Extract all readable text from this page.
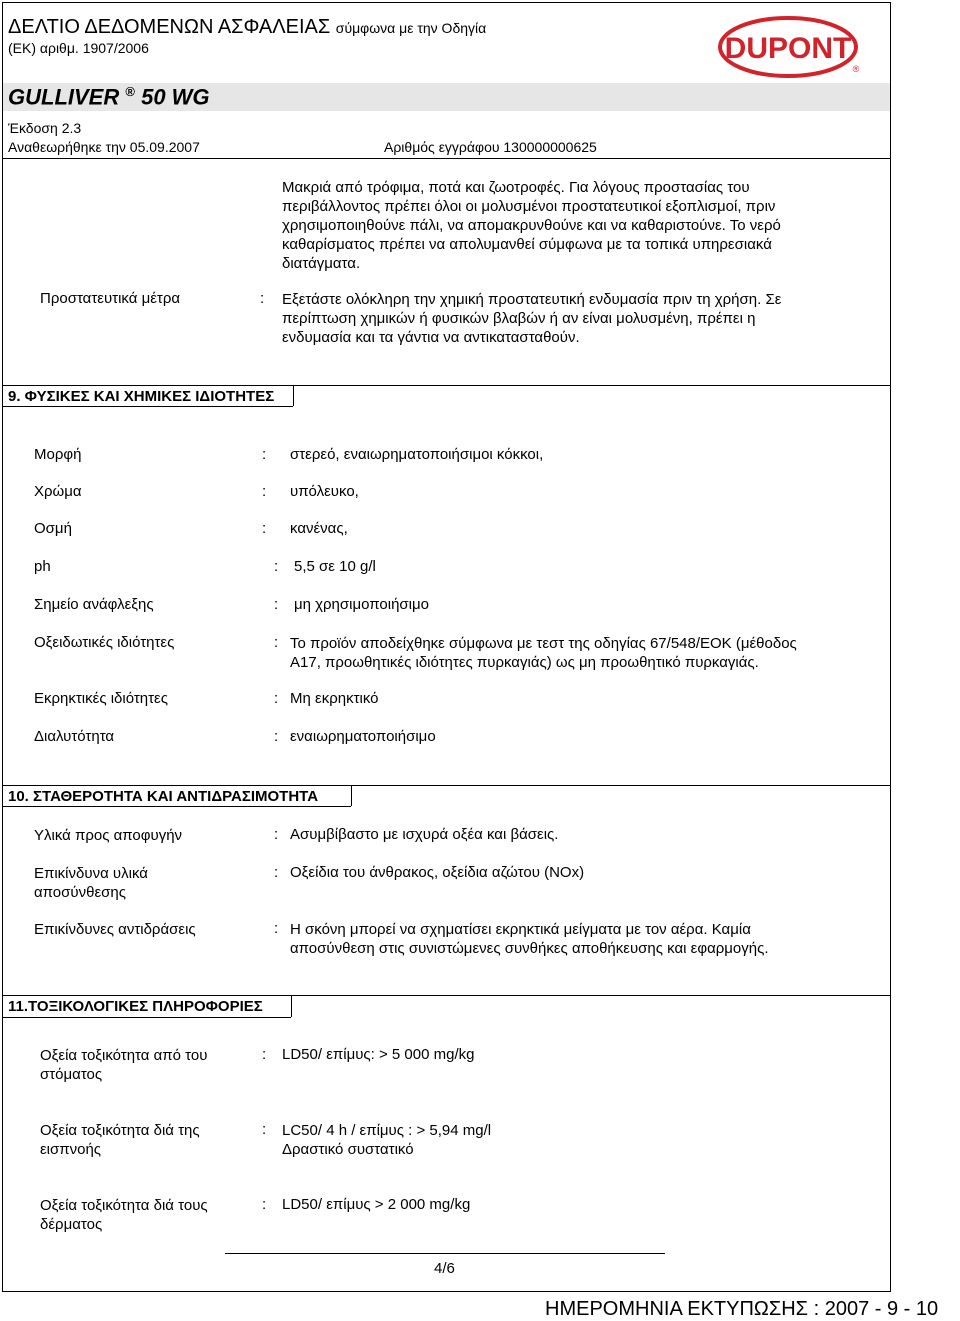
ΔΕΛΤΙΟ ΔΕΔΟΜΕΝΩΝ ΑΣΦΑΛΕΙΑΣ σύμφωνα με την Οδηγία
(ΕΚ) αριθμ. 1907/2006
GULLIVER ® 50 WG
Έκδοση 2.3
Αναθεωρήθηκε την 05.09.2007	Αριθμός εγγράφου 130000000625
DUPONT
®
Μακριά από τρόφιμα, ποτά και ζωοτροφές. Για λόγους προστασίας του
περιβάλλοντος πρέπει όλοι οι μολυσμένοι προστατευτικοί εξοπλισμοί, πριν
χρησιμοποιηθούνε πάλι, να απομακρυνθούνε και να καθαριστούνε. Το νερό
καθαρίσματος πρέπει να απολυμανθεί σύμφωνα με τα τοπικά υπηρεσιακά
διατάγματα.
Προστατευτικά μέτρα	: Εξετάστε ολόκληρη την χημική προστατευτική ενδυμασία πριν τη χρήση. Σε
περίπτωση χημικών ή φυσικών βλαβών ή αν είναι μολυσμένη, πρέπει η
ενδυμασία και τα γάντια να αντικατασταθούν.
9. ΦΥΣΙΚΕΣ ΚΑΙ ΧΗΜΙΚΕΣ ΙΔΙΟΤΗΤΕΣ
Μορφή	: στερεό, εναιωρηματοποιήσιμοι κόκκοι,
Χρώμα	: υπόλευκο,
Οσμή	: κανένας,
ph	: 5,5 σε 10 g/l
Σημείο ανάφλεξης	: μη χρησιμοποιήσιμο
Οξειδωτικές ιδιότητες	: Το προϊόν αποδείχθηκε σύμφωνα με τεστ της οδηγίας 67/548/ΕΟΚ (μέθοδος
A17, προωθητικές ιδιότητες πυρκαγιάς) ως μη προωθητικό πυρκαγιάς.
Εκρηκτικές ιδιότητες	: Μη εκρηκτικό
Διαλυτότητα	: εναιωρηματοποιήσιμο
10. ΣΤΑΘΕΡΟΤΗΤΑ ΚΑΙ ΑΝΤΙΔΡΑΣΙΜΟΤΗΤΑ
Υλικά προς αποφυγήν	: Ασυμβίβαστο με ισχυρά οξέα και βάσεις.
Επικίνδυνα υλικά
αποσύνθεσης
: Οξείδια του άνθρακος, οξείδια αζώτου (NOx)
Επικίνδυνες αντιδράσεις	: Η σκόνη μπορεί να σχηματίσει εκρηκτικά μείγματα με τον αέρα. Καμία
αποσύνθεση στις συνιστώμενες συνθήκες αποθήκευσης και εφαρμογής.
11.ΤΟΞΙΚΟΛΟΓΙΚΕΣ ΠΛΗΡΟΦΟΡΙΕΣ
Οξεία τοξικότητα από του
στόματος
: LD50/ επίμυς: > 5 000 mg/kg
Οξεία τοξικότητα διά της
εισπνοής
: LC50/ 4 h / επίμυς : > 5,94 mg/l
Δραστικό συστατικό
Οξεία τοξικότητα διά τους
δέρματος
: LD50/ επίμυς > 2 000 mg/kg
4/6
ΗΜΕΡΟΜΗΝΙΑ ΕΚΤΥΠΩΣΗΣ : 2007 - 9 - 10
